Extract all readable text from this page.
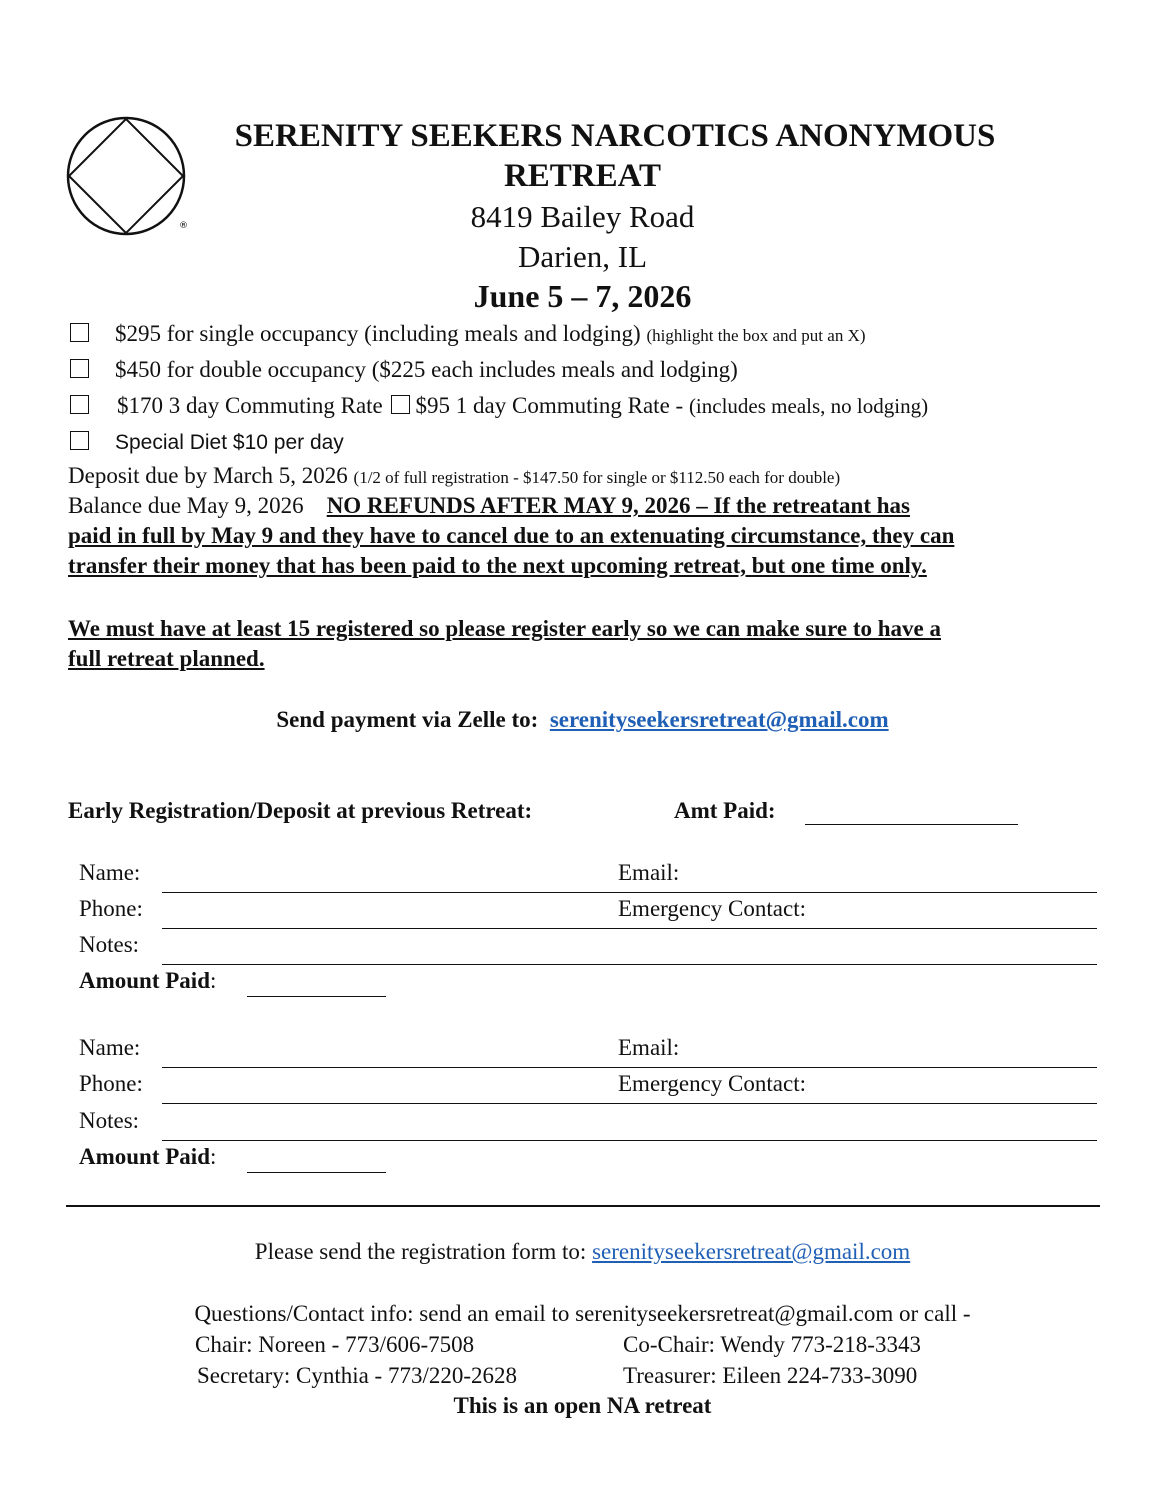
®
SERENITY SEEKERS NARCOTICS ANONYMOUS
RETREAT
8419 Bailey Road
Darien, IL
June 5 – 7, 2026
$295 for single occupancy (including meals and lodging) (highlight the box and put an X)
$450 for double occupancy ($225 each includes meals and lodging)
$170 3 day Commuting Rate $95 1 day Commuting Rate - (includes meals, no lodging)
Special Diet $10 per day
Deposit due by March 5, 2026 (1/2 of full registration - $147.50 for single or $112.50 each for double)
Balance due May 9, 2026 NO REFUNDS AFTER MAY 9, 2026 – If the retreatant has
paid in full by May 9 and they have to cancel due to an extenuating circumstance, they can
transfer their money that has been paid to the next upcoming retreat, but one time only.
We must have at least 15 registered so please register early so we can make sure to have a
full retreat planned.
Send payment via Zelle to: serenityseekersretreat@gmail.com
Early Registration/Deposit at previous Retreat:	Amt Paid:
Name:	Email:
Phone:	Emergency Contact:
Notes:
Amount Paid:
Name:	Email:
Phone:	Emergency Contact:
Notes:
Amount Paid:
Please send the registration form to: serenityseekersretreat@gmail.com
Questions/Contact info: send an email to serenityseekersretreat@gmail.com or call -
Chair: Noreen - 773/606-7508	Co-Chair: Wendy 773-218-3343
Secretary: Cynthia - 773/220-2628	Treasurer: Eileen 224-733-3090
This is an open NA retreat
